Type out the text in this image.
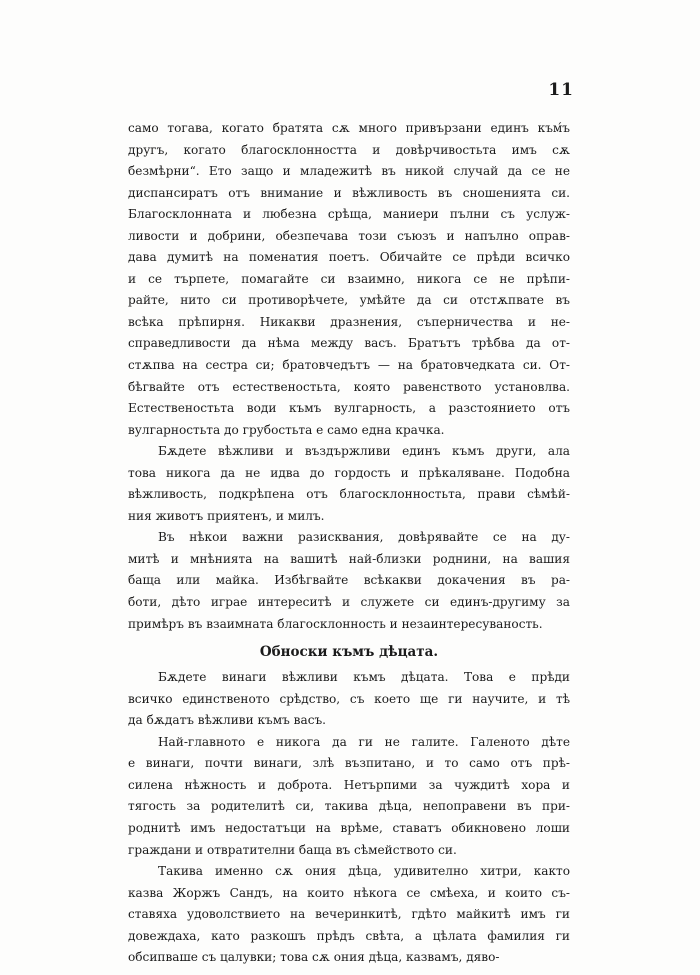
11
само тогава, когато братята сѫ много привързани единъ към́ъ
другъ, когато благосклонността и довѣрчивостьта имъ сѫ
безмѣрни“. Ето защо и младежитѣ въ никой случай да се не
диспансиратъ отъ внимание и вѣжливость въ сношенията си.
Благосклонната и любезна срѣща, маниери пълни съ услуж-
ливости и добрини, обезпечава този съюзъ и напълно оправ-
дава думитѣ на поменатия поетъ. Обичайте се прѣди всичко
и се търпете, помагайте си взаимно, никога се не прѣпи-
райте, нито си противорѣчете, умѣйте да си отстѫпвате въ
всѣка прѣпирня. Никакви дразнения, съперничества и не-
справедливости да нѣма между васъ. Братътъ трѣбва да от-
стѫпва на сестра си; братовчедътъ — на братовчедката си. От-
бѣгвайте отъ естественостьта, която равенството установлва.
Естественостьта води къмъ вулгарность, а разстоянието отъ
вулгарностьта до грубостьта е само една крачка.
Бѫдете вѣжливи и въздържливи единъ къмъ други, ала
това никога да не идва до гордость и прѣкаляване. Подобна
вѣжливость, подкрѣпена отъ благосклонностьта, прави сѣмѣй-
ния животъ приятенъ, и милъ.
Въ нѣкои важни разисквания, довѣрявайте се на ду-
митѣ и мнѣнията на вашитѣ най-близки роднини, на вашия
баща или майка. Избѣгвайте всѣкакви докачения въ ра-
боти, дѣто играе интереситѣ и служете си единъ-другиму за
примѣръ въ взаимната благосклонность и незаинтересуваность.
Обноски къмъ дѣцата.
Бѫдете винаги вѣжливи къмъ дѣцата. Това е прѣди
всичко единственото срѣдство, съ което ще ги научите, и тѣ
да бѫдатъ вѣжливи къмъ васъ.
Най-главното е никога да ги не галите. Галеното дѣте
е винаги, почти винаги, злѣ възпитано, и то само отъ прѣ-
силена нѣжность и доброта. Нетърпими за чуждитѣ хора и
тягость за родителитѣ си, такива дѣца, непоправени въ при-
роднитѣ имъ недостатъци на врѣме, ставатъ обикновено лоши
граждани и отвратителни баща въ сѣмейството си.
Такива именно сѫ ония дѣца, удивително хитри, както
казва Жоржъ Сандъ, на които нѣкога се смѣеха, и които съ-
ставяха удоволствието на вечеринкитѣ, гдѣто майкитѣ имъ ги
довеждаха, като разкошъ прѣдъ свѣта, а цѣлата фамилия ги
обсипваше съ цалувки; това сѫ ония дѣца, казвамъ, дяво-
